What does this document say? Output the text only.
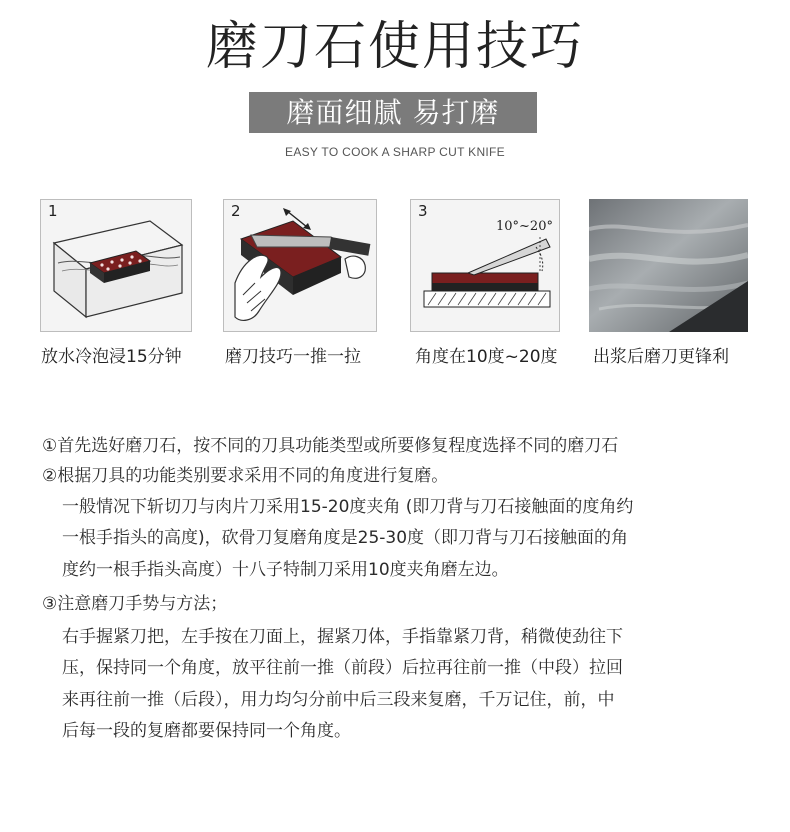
磨刀石使用技巧
磨面细腻 易打磨
EASY TO COOK A SHARP CUT KNIFE
1	2	3
10°~20°
放水冷泡浸15分钟	磨刀技巧一推一拉	角度在10度~20度 出浆后磨刀更锋利
①首先选好磨刀石，按不同的刀具功能类型或所要修复程度选择不同的磨刀石
②根据刀具的功能类别要求采用不同的角度进行复磨。
一般情况下斩切刀与肉片刀采用15-20度夹角 (即刀背与刀石接触面的度角约
一根手指头的高度)，砍骨刀复磨角度是25-30度（即刀背与刀石接触面的角
度约一根手指头高度）十八子特制刀采用10度夹角磨左边。
③注意磨刀手势与方法；
右手握紧刀把，左手按在刀面上，握紧刀体，手指靠紧刀背，稍微使劲往下
压，保持同一个角度，放平往前一推（前段）后拉再往前一推（中段）拉回
来再往前一推（后段），用力均匀分前中后三段来复磨，千万记住，前，中
后每一段的复磨都要保持同一个角度。
